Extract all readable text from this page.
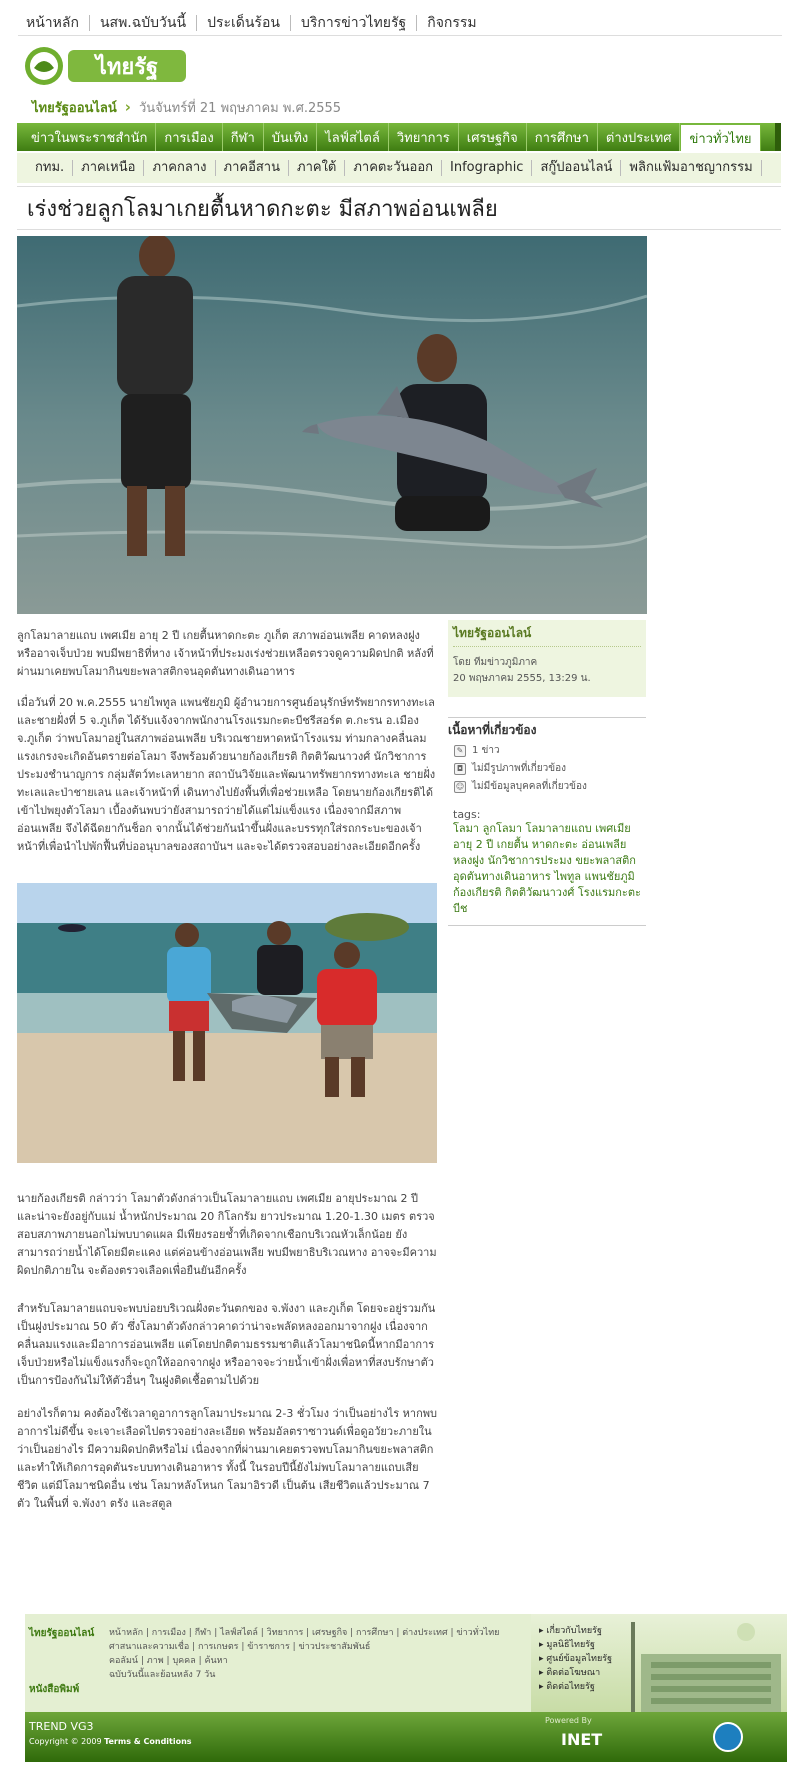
หน้าหลัก	นสพ.ฉบับวันนี้	ประเด็นร้อน	บริการข่าวไทยรัฐ	กิจกรรม
ไทยรัฐ
ไทยรัฐออนไลน์ › วันจันทร์ที่ 21 พฤษภาคม พ.ศ.2555
ข่าวในพระราชสำนัก	การเมือง	กีฬา	บันเทิง	ไลฟ์สไตล์	วิทยาการ	เศรษฐกิจ	การศึกษา	ต่างประเทศ	ข่าวทั่วไทย
กทม.	ภาคเหนือ	ภาคกลาง	ภาคอีสาน	ภาคใต้	ภาคตะวันออก	Infographic	สกู๊ปออนไลน์	พลิกแฟ้มอาชญากรรม
เร่งช่วยลูกโลมาเกยตื้นหาดกะตะ มีสภาพอ่อนเพลีย

ลูกโลมาลายแถบ เพศเมีย อายุ 2 ปี เกยตื้นหาดกะตะ ภูเก็ต สภาพอ่อนเพลีย คาดหลงฝูง หรืออาจเจ็บป่วย พบมีพยาธิที่หาง เจ้าหน้าที่ประมงเร่งช่วยเหลือตรวจดูความผิดปกติ หลังที่ผ่านมาเคยพบโลมากินขยะพลาสติกจนอุดตันทางเดินอาหาร

เมื่อวันที่ 20 พ.ค.2555 นายไพทูล แพนชัยภูมิ ผู้อำนวยการศูนย์อนุรักษ์ทรัพยากรทางทะเลและชายฝั่งที่ 5 จ.ภูเก็ต ได้รับแจ้งจากพนักงานโรงแรมกะตะบีชรีสอร์ต ต.กะรน อ.เมือง จ.ภูเก็ต ว่าพบโลมาอยู่ในสภาพอ่อนเพลีย บริเวณชายหาดหน้าโรงแรม ท่ามกลางคลื่นลมแรงเกรงจะเกิดอันตรายต่อโลมา จึงพร้อมด้วยนายก้องเกียรติ กิตติวัฒนาวงศ์ นักวิชาการประมงชำนาญการ กลุ่มสัตว์ทะเลหายาก สถาบันวิจัยและพัฒนาทรัพยากรทางทะเล ชายฝั่งทะเลและป่าชายเลน และเจ้าหน้าที่ เดินทางไปยังพื้นที่เพื่อช่วยเหลือ โดยนายก้องเกียรติได้เข้าไปพยุงตัวโลมา เบื้องต้นพบว่ายังสามารถว่ายได้แต่ไม่แข็งแรง เนื่องจากมีสภาพอ่อนเพลีย จึงได้ฉีดยากันช็อก จากนั้นได้ช่วยกันนำขึ้นฝั่งและบรรทุกใส่รถกระบะของเจ้าหน้าที่เพื่อนำไปพักฟื้นที่บ่ออนุบาลของสถาบันฯ และจะได้ตรวจสอบอย่างละเอียดอีกครั้ง

ไทยรัฐออนไลน์
โดย ทีมข่าวภูมิภาค
20 พฤษภาคม 2555, 13:29 น.
เนื้อหาที่เกี่ยวข้อง
✎ 1 ข่าว
◘ ไม่มีรูปภาพที่เกี่ยวข้อง
☺ ไม่มีข้อมูลบุคคลที่เกี่ยวข้อง
tags:
โลมา ลูกโลมา โลมาลายแถบ เพศเมีย อายุ 2 ปี เกยตื้น หาดกะตะ อ่อนเพลีย หลงฝูง นักวิชาการประมง ขยะพลาสติก อุดตันทางเดินอาหาร ไพทูล แพนชัยภูมิ ก้องเกียรติ กิตติวัฒนาวงศ์ โรงแรมกะตะบีช

นายก้องเกียรติ กล่าวว่า โลมาตัวดังกล่าวเป็นโลมาลายแถบ เพศเมีย อายุประมาณ 2 ปี และน่าจะยังอยู่กับแม่ น้ำหนักประมาณ 20 กิโลกรัม ยาวประมาณ 1.20-1.30 เมตร ตรวจสอบสภาพภายนอกไม่พบบาดแผล มีเพียงรอยช้ำที่เกิดจากเชือกบริเวณหัวเล็กน้อย ยังสามารถว่ายน้ำได้โดยมีตะแคง แต่ค่อนข้างอ่อนเพลีย พบมีพยาธิบริเวณหาง อาจจะมีความผิดปกติภายใน จะต้องตรวจเลือดเพื่อยืนยันอีกครั้ง

สำหรับโลมาลายแถบจะพบบ่อยบริเวณฝั่งตะวันตกของ จ.พังงา และภูเก็ต โดยจะอยู่รวมกันเป็นฝูงประมาณ 50 ตัว ซึ่งโลมาตัวดังกล่าวคาดว่าน่าจะพลัดหลงออกมาจากฝูง เนื่องจากคลื่นลมแรงและมีอาการอ่อนเพลีย แต่โดยปกติตามธรรมชาติแล้วโลมาชนิดนี้หากมีอาการเจ็บป่วยหรือไม่แข็งแรงก็จะถูกให้ออกจากฝูง หรืออาจจะว่ายน้ำเข้าฝั่งเพื่อหาที่สงบรักษาตัว เป็นการป้องกันไม่ให้ตัวอื่นๆ ในฝูงติดเชื้อตามไปด้วย

อย่างไรก็ตาม คงต้องใช้เวลาดูอาการลูกโลมาประมาณ 2-3 ชั่วโมง ว่าเป็นอย่างไร หากพบอาการไม่ดีขึ้น จะเจาะเลือดไปตรวจอย่างละเอียด พร้อมอัลตราซาวนด์เพื่อดูอวัยวะภายในว่าเป็นอย่างไร มีความผิดปกติหรือไม่ เนื่องจากที่ผ่านมาเคยตรวจพบโลมากินขยะพลาสติก และทำให้เกิดการอุดตันระบบทางเดินอาหาร ทั้งนี้ ในรอบปีนี้ยังไม่พบโลมาลายแถบเสียชีวิต แต่มีโลมาชนิดอื่น เช่น โลมาหลังโหนก โลมาอิรวดี เป็นต้น เสียชีวิตแล้วประมาณ 7 ตัว ในพื้นที่ จ.พังงา ตรัง และสตูล

ไทยรัฐออนไลน์ หน้าหลัก | การเมือง | กีฬา | ไลฟ์สไตล์ | วิทยาการ | เศรษฐกิจ | การศึกษา | ต่างประเทศ | ข่าวทั่วไทย
ศาสนาและความเชื่อ | การเกษตร | ข้าราชการ | ข่าวประชาสัมพันธ์
คอลัมน์ | ภาพ | บุคคล | ค้นหา
ฉบับวันนี้และย้อนหลัง 7 วัน
หนังสือพิมพ์
▸ เกี่ยวกับไทยรัฐ
▸ มูลนิธิไทยรัฐ
▸ ศูนย์ข้อมูลไทยรัฐ
▸ ติดต่อโฆษณา
▸ ติดต่อไทยรัฐ
TREND VG3
Copyright © 2009 Terms & Conditions
Powered By
INET
